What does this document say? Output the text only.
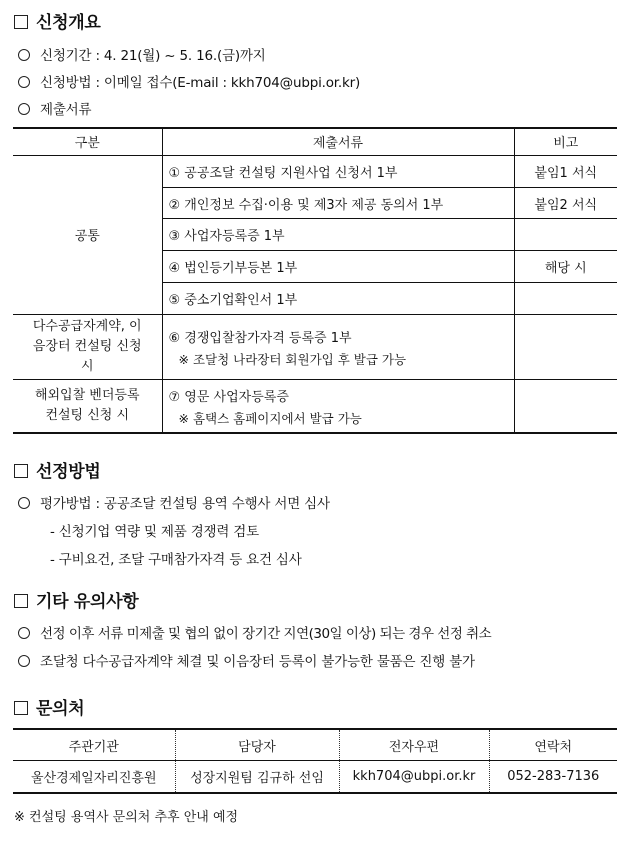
신청개요
신청기간 : 4. 21(월) ~ 5. 16.(금)까지
신청방법 : 이메일 접수(E-mail : kkh704@ubpi.or.kr)
제출서류
구분	제출서류	비고
공통	① 공공조달 컨설팅 지원사업 신청서 1부	붙임1 서식
	② 개인정보 수집·이용 및 제3자 제공 동의서 1부	붙임2 서식
	③ 사업자등록증 1부	
	④ 법인등기부등본 1부	해당 시
	⑤ 중소기업확인서 1부	
다수공급자계약, 이음장터 컨설팅 신청 시	⑥ 경쟁입찰참가자격 등록증 1부
※ 조달청 나라장터 회원가입 후 발급 가능	

해외입찰 벤더등록 컨설팅 신청 시	⑦ 영문 사업자등록증
※ 홈택스 홈페이지에서 발급 가능	

선정방법
평가방법 : 공공조달 컨설팅 용역 수행사 서면 심사
- 신청기업 역량 및 제품 경쟁력 검토
- 구비요건, 조달 구매참가자격 등 요건 심사
기타 유의사항
선정 이후 서류 미제출 및 협의 없이 장기간 지연(30일 이상) 되는 경우 선정 취소
조달청 다수공급자계약 체결 및 이음장터 등록이 불가능한 물품은 진행 불가
문의처
주관기관	담당자	전자우편	연락처
울산경제일자리진흥원	성장지원팀 김규하 선임	kkh704@ubpi.or.kr	052-283-7136
※ 컨설팅 용역사 문의처 추후 안내 예정
